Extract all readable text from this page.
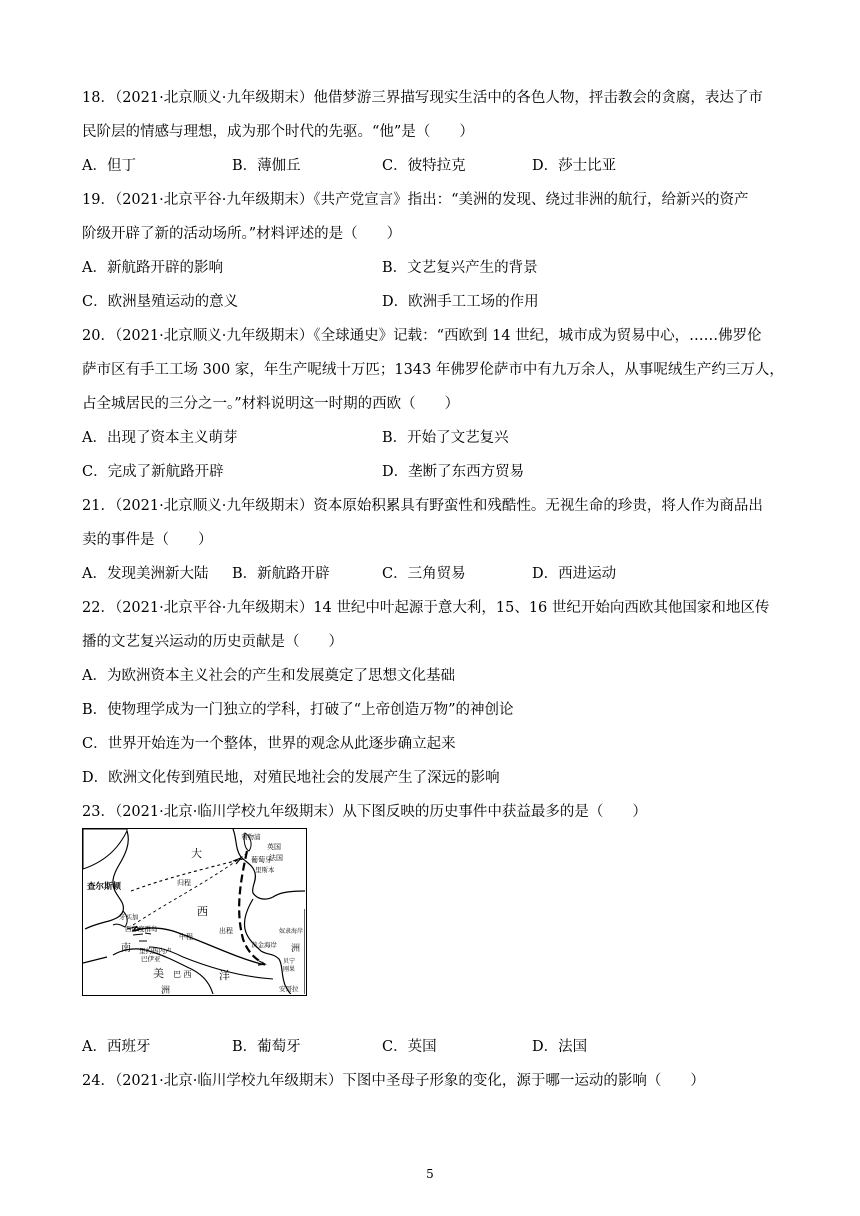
18．（2021·北京顺义·九年级期末）他借梦游三界描写现实生活中的各色人物，抨击教会的贪腐，表达了市
民阶层的情感与理想，成为那个时代的先驱。“他”是（　　）
A．但丁	B．薄伽丘	C．彼特拉克	D．莎士比亚
19．（2021·北京平谷·九年级期末）《共产党宣言》指出：“美洲的发现、绕过非洲的航行，给新兴的资产
阶级开辟了新的活动场所。”材料评述的是（　　）
A．新航路开辟的影响	B．文艺复兴产生的背景
C．欧洲垦殖运动的意义	D．欧洲手工工场的作用
20．（2021·北京顺义·九年级期末）《全球通史》记载：“西欧到 14 世纪，城市成为贸易中心，……佛罗伦
萨市区有手工工场 300 家，年生产呢绒十万匹；1343 年佛罗伦萨市中有九万余人，从事呢绒生产约三万人，
占全城居民的三分之一。”材料说明这一时期的西欧（　　）
A．出现了资本主义萌芽	B．开始了文艺复兴
C．完成了新航路开辟	D．垄断了东西方贸易
21．（2021·北京顺义·九年级期末）资本原始积累具有野蛮性和残酷性。无视生命的珍贵，将人作为商品出
卖的事件是（　　）
A．发现美洲新大陆 B．新航路开辟	C．三角贸易	D．西进运动
22．（2021·北京平谷·九年级期末）14 世纪中叶起源于意大利，15、16 世纪开始向西欧其他国家和地区传
播的文艺复兴运动的历史贡献是（　　）
A．为欧洲资本主义社会的产生和发展奠定了思想文化基础
B．使物理学成为一门独立的学科，打破了“上帝创造万物”的神创论
C．世界开始连为一个整体，世界的观念从此逐步确立起来
D．欧洲文化传到殖民地，对殖民地社会的发展产生了深远的影响
23．（2021·北京·临川学校九年级期末）从下图反映的历史事件中获益最多的是（　　）
利物浦
英国
葡萄牙
法国
里斯本
查尔斯顿
大
归程
西
牙买加
西印度群岛
中程
出程
黄金海岸
奴隶海岸
洲
贝宁
刚果
安哥拉
南 里约热内卢
巴伊亚
美 巴 西 洋
洲
A．西班牙	B．葡萄牙	C．英国	D．法国
24．（2021·北京·临川学校九年级期末）下图中圣母子形象的变化，源于哪一运动的影响（　　）
5
